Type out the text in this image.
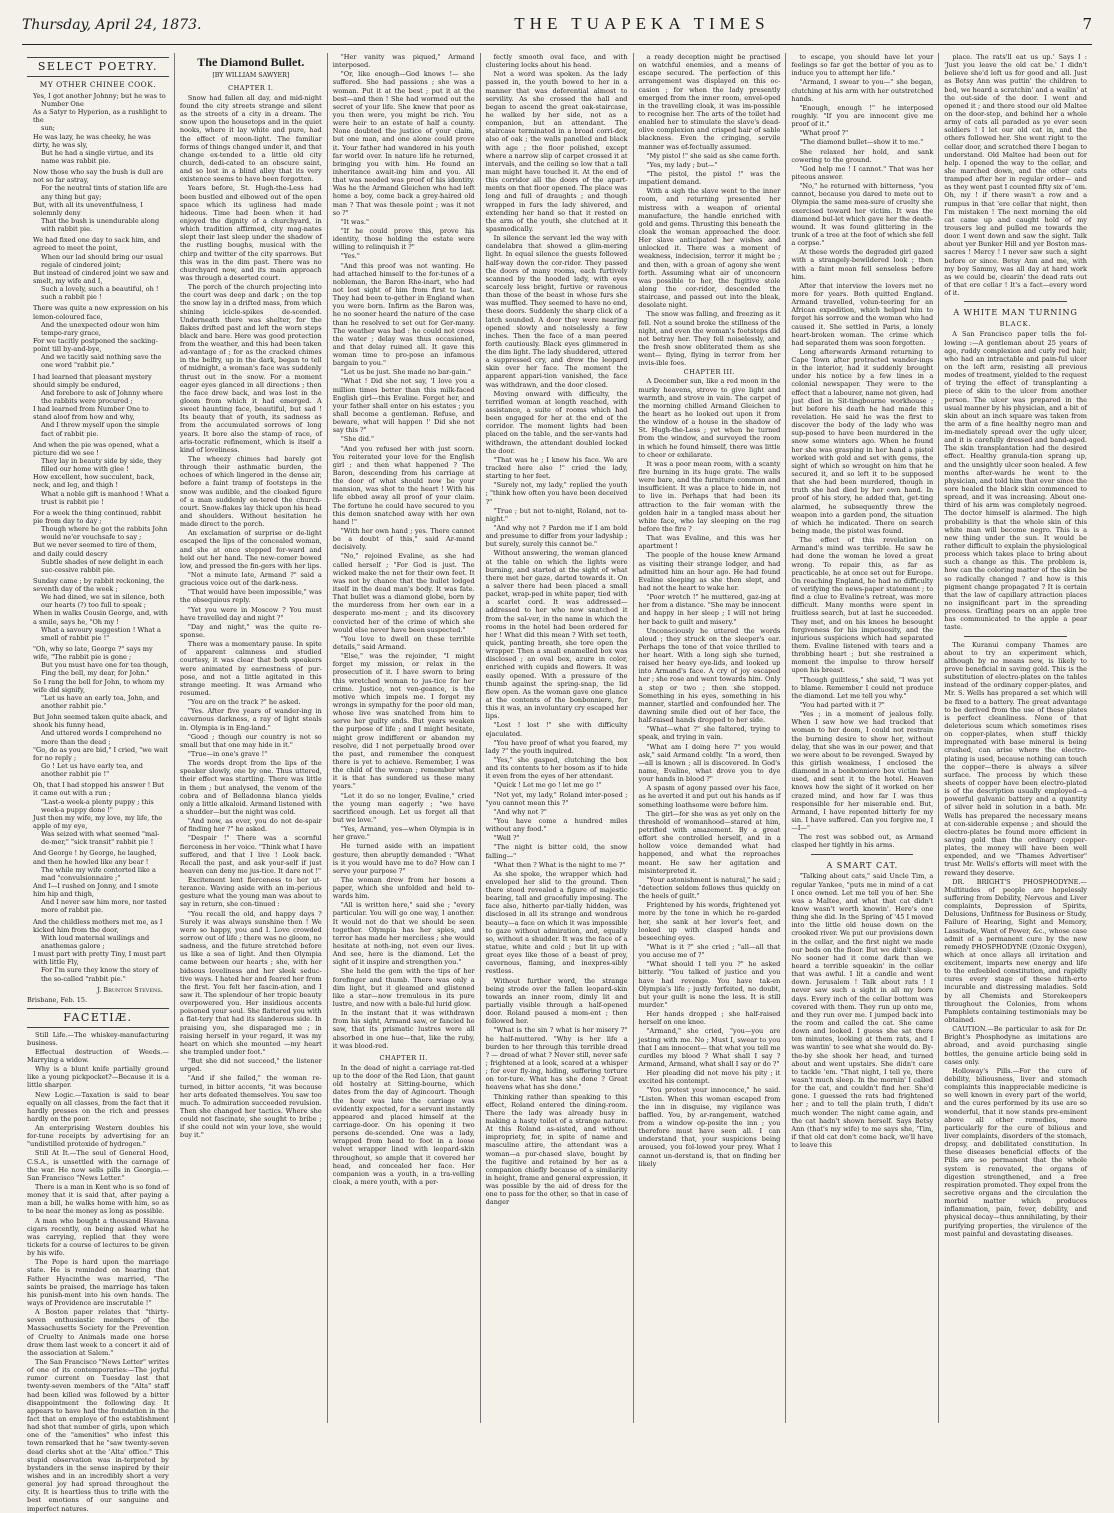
Thursday, April 24, 1873.	THE TUAPEKA TIMES	7
SELECT POETRY.
MY OTHER CHINEE COOK.

Yes, I got another Johnny; but he was to

Number One

As a Satyr to Hyperion, as a rushlight to the

sun;

He was lazy, he was cheeky, he was dirty, he was sly,

But he had a single virtue, and its name was rabbit pie.

Now those who say the bush is dull are not so far astray,

For the neutral tints of station life are any thing but gay;

But, with all its uneventfulness, I solemnly deny

That the bush is unendurable along with rabbit pie.

We had fixed one day to sack him, and agreed to meet the point,

When our lad should bring our usual regale of cindered joint;

But instead of cindered joint we saw and smelt, my wife and I,

Such a lovely, such a beautiful, oh ! such a rabbit pie !

There was quite a new expression on his lemon-coloured face,

And the unexpected odour won him tempo-rary grace,

For we tacitly postponed the sacking-point till by-and-bye,

And we tacitly said nothing save the one word "rabbit pie."

I had learned that pleasant mystery should simply be endured,

And forebore to ask of Johnny where the rabbits were procured ;

I had learned from Number One to stand aloof from how and why,

And I threw myself upon the simple fact of rabbit pie.

And when the pie was opened, what a picture did we see !

They lay in beauty side by side, they filled our home with glee !

How excellent, how succulent, back, neck, and leg, and thigh !

What a noble gift is manhood ! What a trust is rabbit pie !

For a week the thing continued, rabbit pie from day to day ;

Though where he got the rabbits John would ne'er vouchsafe to say ;

But we never seemed to tire of them, and daily could descry

Subtle shades of new delight in each suc-cessive rabbit pie.

Sunday came ; by rabbit reckoning, the seventh day of the week ;

We had dined, we sat in silence, both our hearts (?) too full to speak ;

When in walks Cousin George, and, with a smile, says he, "Oh my !

What a savoury suggestion ! What a smell of rabbit pie !"

"Oh, why so late, George ?" says my wife, "The rabbit pie is gone ;

But you must have one for tea though, Fing the bell, my dear, for John."

So I rang the bell for John, to whom my wife did signify,

"Let us have an early tea, John, and another rabbit pie."

But John seemed taken quite aback, and shook his funny head,

And uttered words I comprehend no more than the dead ;

"Go, do as you are bid," I cried, "we wait for no reply ;

Go ! Let us have early tea, and another rabbit pie !"

Oh, that I had stopped his answer ! But it came out with a run ;

"Last-a week-a plenty puppy ; this week-a puppy done !"

Just then my wife, my love, my life, the apple of my eye,

Was seized with what seemed "mal-de-mer," "sick transit" rabbit pie !

And George ! by George, he laughed, and then he howled like any bear !

The while my wife contorted like a mad "convulsionnaire ;"

And I—I rushed on Jonny, and I smote him hip and thigh,

And I never saw him more, nor tasted more of rabbit pie.

And the childless mothers met me, as I kicked him from the door,

With loud maternal wailings and anathemas galore ;

I must part with pretty Tiny, I must part with little Fly,

For I'm sure they know the story of the so-called "rabbit pie."

J. Brunton Stevens.
Brisbane, Feb. 15.
FACETIÆ.

Still Life.—The whiskey-manufacturing business.

Effectual destruction of Weeds.—Marrying a widow.

Why is a blunt knife partially ground like a young pickpocket?—Because it is a little sharper.

New Logic.—Taxation is said to bear equally on all classes, from the fact that it hardly presses on the rich and presses hardly on the poor.

An enterprising Western doubles his for-tune receipts by advertising for an "undistilled protoxide of hydrogen."

Still At It.—The soul of General Hood, C.S.A., is unsettled with the carnage of the war. He now sells pills in Georgia.—San Francisco "News Letter."

There is a man in Kent who is so fond of money that it is said that, after paying a man a bill, he walks home with him, so as to be near the money as long as possible.

A man who bought a thousand Havana cigars recently, on being asked what he was carrying, replied that they were tickets for a course of lectures to be given by his wife.

The Pope is hard upon the marriage state. He is reminded on hearing that Father Hyacinthe was married, "The saints be praised, the marriage has taken his punish-ment into his own hands. The ways of Providence are inscrutable !"

A Boston paper relates that "thirty-seven enthusiastic members of the Massachusetts Society for the Prevention of Cruelty to Animals made one horse draw them last week to a concert it aid of the association at Salem."

The San Francisco "News Letter" writes of one of its contemporaries:—The joyful rumor current on Tuesday last that twenty-seven members of the "Alta" staff had been killed was followed by a bitter disappointment the following day. It appears to have had the foundation in the fact that an employe of the establishment had shot that number of girls, upon which one of the "amenities" who infest this town remarked that he "saw twenty-seven dead clerks shot at the 'Alta' office." This stupid observation was in-terpreted by bystanders in the sense inspired by their wishes and in an incredibly short a very general joy had spread throughout the city. It is heartless thus to trifle with the best emotions of our sanguine and imperfect natures.

The Diamond Bullet.
[BY WILLIAM SAWYER]
CHAPTER I.

Snow had fallen all day, and mid-night found the city streets strange and silent as the streets of a city in a dream. The snow upon the housetops and in the quiet nooks, where it lay white and pure, had the effect of moon-light. The familiar forms of things changed under it, and that change ex-tended to a little old city church, dedi-cated to an obscure saint, and so lost in a blind alley that its very existence seems to have been forgotten.

Years before, St. Hugh-the-Less had been bustled and elbowed out of the open space which its ugliness had made hideous. Time had been when it had enjoyed the dignity of a churchyard, in which tradition affirmed, city mag-nates slept their last sleep under the shadow of the rustling boughs, musical with the chirp and twitter of the city sparrows. But this was in the dim past. There was no churchyard now, and its main approach was through a deserted court.

The porch of the church projecting into the court was deep and dark ; on the top the snow lay in a drifted mass, from which shining icicle-spikes de-scended. Underneath there was shelter, for the flakes drifted past and left the worn steps black and bare. Here was good protection from the weather, and this had been taken ad-vantage of ; for as the cracked chimes in the belfry, up in the dark, began to tell of midnight, a woman's face was suddenly thrust out in the snow. For a moment eager eyes glanced in all directions ; then the face drew back, and was lost in the gloom from which it had emerged. A sweet haunting face, beautiful, but sad ! Its beauty that of youth, its sadness as from the accumulated sorrows of long years. It bore also the stamp of race, of aris-tocratic refinement, which is itself a kind of loveliness.

The wheezy chimes had barely got through their asthmatic burden, the echoes of which lingered in the dense air, before a faint tramp of footsteps in the snow was audible, and the cloaked figure of a man suddenly en-tered the church-court. Snow-flakes lay thick upon his head and shoulders. Without hesitation he made direct to the porch.

An exclamation of surprise or de-light escaped the lips of the concealed woman, and she at once stepped for-ward and held out her hand. The new-comer bowed low, and pressed the fin-gers with her lips.

"Not a minute late, Armand ?" said a gracious voice out of the dark-ness.

"That would have been impossible," was the obsequious reply.

"Yet you were in Moscow ? You must have travelled day and night ?"

"Day and night," was the quite re-sponse.

There was a momentary pause. In spite of apparent calmness and studied courtesy, it was clear that both speakers were animated by earnestness of pur-pose, and not a little agitated in this strange meeting. It was Armand who resumed.

"You are on the track ?" he asked.

"Yes. After five years of wander-ing in cavernous darkness, a ray of light steals in. Olympia is in Eng-land."

"Good ; though our country is not so small but that one may hide in it."

"True—in one's grave !"

The words dropt from the lips of the speaker slowly, one by one. Thus uttered, their effect was startling. There was little in them ; but analysed, the venom of the cobra and of Belladonna blanca yields only a little alkaloid. Armand listened with a shudder—but the night was cold.

"And now, as ever, you do not de-spair of finding her ?" he asked.

"Despair !" There was a scornful fierceness in her voice. "Think what I have suffered, and that I live ! Look back. Recall the past, and ask your-self if just heaven can deny me jus-tice. It dare not !"

Excitement lent fierceness to her ut-terance. Waving aside with an im-perious gesture what the young man was about to say in return, she con-tinued :

"You recall the old, and happy days ? Surely it was always sunshine then ! We were so happy, you and I. Love crowded sorrow out of life ; there was no gloom, no sadness, and the future stretched before us like a sea of light. And then Olympia came between our hearts ; she, with her bidsous loveliness and her sleek seduc-tive ways. I hated her and feared her from the first. You felt her fascin-ation, and I saw it. The splendour of her tropic beauty overpowered you. Her insidious accents poisoned your soul. She flattered you with a flat-tery that had its slanderous side. In praising you, she disparaged me ; in raising herself in your regard, it was my heart on which she mounted —my heart she trampled under foot."

"But she did not succeed," the listener urged.

"And if she failed," the woman re-turned, in bitter accents, "it was because her arts defeated themselves. You saw too much. To admiration succeeded revulsion. Then she changed her tactics. Where she could not fascinate, she sought to bribe ; if she could not win your love, she would buy it."

"Her vanity was piqued," Armand interposed.

"Or, like enough—God knows !— she suffered. She had passions ; she was a woman. Put it at the best ; put it at the best—and then ! She had wormed out the secret of your life. She knew that poor as you then were, you might be rich. You were heir to an estate of half a county. None doubted the justice of your claim, but one man, and one alone could prove it. Your father had wandered in his youth far world over. In nature life he returned, bringing you with him. He found an inheritance await-ing him and you. All that was needed was proof of his identity. Was he the Armand Gleichen who had left home a boy, come back a grey-haired old man ? That was thesole point ; was it not so ?"

"It was."

"If he could prove this, prove his identity, those holding the estate were willing to relinquish it ?"

"Yes."

"And this proof was not wanting. He had attached himself to the for-tunes of a nobleman, the Baron Rhe-inart, who had not lost sight of him from first to last. They had been to-gether in England when you were born. Infirm as the Baron was, he no sooner heard the nature of the case than he resolved to set out for Ger-many. The weather was bad : he could not cross the water ; delay was thus occasioned, and that delay ruined all. It gave this woman time to pro-pose an infamous bargain to you."

"Let us be just. She made no bar-gain."

"What ! Did she not say, 'I love you a million times better than this milk-faced English girl—this Evaline. Forget her, and your father shall enter on his estates ; you shall become a gentleman. Refuse, and beware, what will happen !' Did she not say this ?"

"She did."

"And you refused her with just scorn. You reiterated your love for the English girl ; and then what happened ? The Baron, descending from his carriage at the door of what should now be your mansion, was shot to the heart ! With his life ebbed away all proof of your claim. The fortune he could have secured to you this demon snatched away with her own hand !"

"With her own hand ; yes. There cannot be a doubt of this," said Ar-mand decisively.

"No," rejoined Evaline, as she had called herself ; "For God is just. The wicked make the net for their own feet. It was not by chance that the bullet lodged itself in the dead man's body. It was fate. That bullet was a diamond globe, born by the murderess from her own ear in a desperate mo-ment ; and its discovery convicted her of the crime of which she would else never have been suspected."

"You love to dwell on these terrible details," said Armand.

"Else," was the rejoinder, "I might forget my mission, or relax in the prosecution of it. I have sworn to bring this wretched woman to jus-tice for her crime. Justice, not ven-geance, is the motive which impels me. I forget my wrongs in sympathy for the poor old man, whose live was snatched from him to serve her guilty ends. But years weaken the purpose of life ; and I might hesitate, might grow indifferent or abandon my resolve, did I not perpetually brood over the past, and remember the conquest there is yet to achieve. Remember, I was the child of the woman ; remember what it is that has sundered us these many years."

"Let it do so no longer, Evaline," cried the young man eagerly ; "we have sacrificed enough. Let us forget all that but we love."

"Yes, Armand, yes—when Olympia is in her grave."

He turned aside with an impatient gesture, then abruptly demanded : "What is it you would have me to do? How can I serve your purpose ?"

The woman drew from her bosom a paper, which she unfolded and held to-wards him.

"All is written here," said she ; "every particular. You will go one way, I another. It would not do that we should be seen together. Olympia has her spies, and terror has made her merciless ; she would hesitate at noth-ing, not even our lives. And see, here is the diamond. Let the sight of it inspire and strengthen you."

She held the gem with the tips of her forefinger and thumb. There was only a dim light, but it gleamed and glistened like a star—now tremulous in its pure lustre, and now with a bale-ful lurid glow.

In the instant that it was withdrawn from his sight, Armand saw, or fancied he saw, that its prismatic lustres were all absorbed in one hue—that, like the ruby, it was blood-red.

CHAPTER II.

In the dead of night a carriage rat-tled up to the door of the Red Lion, that gaunt old hostelry at Sitting-bourne, which dates from the day of Agincourt. Though the hour was late the carriage was evidently expected, for a servant instantly appeared and placed himself at the carriage-door. On his opening it two persons de-scended. One was a lady, wrapped from head to foot in a loose velvet wrapper lined with leopard-skin throughout, so ample that it covered her head, and concealed her face. Her companion was a youth, in a tra-velling cloak, a mere youth, with a per-

fectly smooth oval face, and with clustering locks about his head.

Not a word was spoken. As the lady passed in, the youth bowed to her in a manner that was deferential almost to servility. As she crossed the hall and began to ascend the great oak-staircase, he walked by her side, not as a companion, but an attendant. The staircase terminated in a broad corri-dor, also of oak ; the walls panelled and black with age ; the floor polished, except where a narrow slip of carpet crossed it at intervals, and the ceiling so low that a tall man might have touched it. At the end of this corridor all the doors of the apart-ments on that floor opened. The place was long and full of draughts ; and though wrapped in furs the lady shivered, and extending her hand so that it rested on the arm of the youth, she clutched at it spasmodically.

In silence the servant led the way with candelabra that showed a glim-mering light. In equal silence the guests followed half-way down the cor-ridor. They passed the doors of many rooms, each furtively scanned by the hooded lady, with eyes scarcely less bright, furtive or ravenous than those of the beast in whose furs she was muffled. They seemed to have no end, these doors. Suddenly the sharp click of a latch sounded. A door they were nearing opened slowly and noiselessly a few inches. Then the face of a man peered forth cautiously. Black eyes glimmered in the dim light. The lady shuddered, uttered a suppressed cry, and drew the leopard skin over her face. The moment the apparent appari-tion vanished, the face was withdrawn, and the door closed.

Moving onward with difficulty, the terrified woman at length reached, with assistance, a suite of rooms which had been engaged for her at the end of the corridor. The moment lights had been placed on the table, and the ser-vants had withdrawn, the attendant doubled locked the door.

"That was he ; I knew his face. We are tracked here also !" cried the lady, starting to her feet.

"Surely not, my lady," replied the youth ; "think how often you have been deceived ?"

"True ; but not to-night, Roland, not to-night."

"And why not ? Pardon me if I am bold and presume to differ from your ladyship ; but surely, surely this cannot be."

Without answering, the woman glanced at the table on which the lights were burning, and started at the sight of what there met her gaze, darted towards it. On a salver there had been placed a small packet, wrap-ped in white paper, tied with a scarlet cord. It was addressed—addressed to her who now snatched it from the sal-ver, in the name in which the rooms in the hotel had been ordered for her ! What did this mean ? With set teeth, quick, panting breath, she tore open the wrapper. Then a small enamelled box was disclosed ; an oval box, azure in color, enriched with cupids and flowers. It was easily opened. With a pressure of the thumb against the spring-snap, the lid flew open. As the woman gave one glance at the contents of the bonbonniere, for this it was, an involuntary cry escaped her lips.

"Lost ! lost !" she with difficulty ejaculated.

"You have proof of what you feared, my lady ?" the youth inquired.

"Yes," she gasped, clutching the box and its contents to her bosom as if to hide it even from the eyes of her attendant.

"Quick ! Let me go ! let me go !"

"Not yet, my lady," Roland inter-posed ; "you cannot mean this ?"

"And why not ?"

"You have come a hundred miles without any food."

"Well ?"

"The night is bitter cold, the snow falling—"

"What then ? What is the night to me ?"

As she spoke, the wrapper which had enveloped her slid to the ground. Then there stood revealed a figure of majestic bearing, tall and gracefully imposing. The face also, hitherto par-tially hidden, was disclosed in all its strange and wondrous beauty—a face on which it was impossible to gaze without admiration, and, equally so, without a shudder. It was the face of a statue, white and cold ; but lit up with great eyes like those of a beast of prey, cavernous, flaming, and inexpres-sibly restless.

Without further word, the strange being strode over the fallen leopard-skin towards an inner room, dimly lit and partially visible through a half-opened door. Roland paused a mom-ent ; then followed her.

"What is the sin ? what is her misery ?" he half-muttered. "Why is her life a burden to her through this terrible dread ? — dread of what ? Never still, never safe ; frightened at a look, scared at a whisper ; for ever fly-ing, hiding, suffering torture on tor-ture. What has she done ? Great heavens what has she done."

Thinking rather than speaking to this effect, Roland entered the dining-room. There the lady was already busy in making a hasty toilet of a strange nature. At this Roland as-sisted, and without impropriety, for, in spite of name and masculine attire, the attendant was a woman—a pur-chased slave, bought by the fugitive and retained by her as a companion chiefly because of a similarity in height, frame and general expression, it was possible by the aid of dress for the one to pass for the other, so that in case of danger

a ready deception might be practised on watchful enemies, and a means of escape secured. The perfection of this arrangement was displayed on this oc-casion ; for when the lady presently emerged from the inner room, envel-oped in the travelling cloak, it was im-possible to recognise her. The arts of the toilet had enabled her to stimulate the slave's dead-olive complexion and crisped hair of sable blackness. Even the cringing, servile manner was ef-fectually assumed.

"My pistol !" she said as she came forth.

"Yes, my lady ; but—"

"The pistol, the pistol !" was the impatient demand.

With a sigh the slave went to the inner room, and returning presented her mistress with a weapon of oriental manufacture, the handle enriched with gold and gems. Thrusting this beneath the cloak the woman approached the door. Her slave anticipated her wishes and unlocked it. There was a moment of weakness, indecision, terror it might be ; and then, with a groan of agony she went forth. Assuming what air of unconcern was possible to her, the fugitive stole along the cor-ridor, descended the staircase, and passed out into the bleak, desolate night.

The snow was falling, and freezing as it fell. Not a sound broke the stillness of the night, and even the woman's footsteps did not betray her. They fell noiselessly, and the fresh snow obliterated them as she went— flying, flying in terror from her invis-ible foes.

CHAPTER III.

A December sun, like a red moon in the murky heavens, strove to give light and warmth, and strove in vain. The carpet of the morning chilled Armand Gleichen to the heart as he looked out upon it from the window of a house in the shadow of St. Hugh-the-Less ; yet when he turned from the window, and surveyed the room in which he found himself, there was little to cheer or exhilarate.

It was a poor mean room, with a scanty fire burning in its huge grate. The walls were bare, and the furniture common and insufficient. It was a place to hide in, not to live in. Perhaps that had been its attraction to the fair woman with the golden hair in a tangled mass about her white face, who lay sleeping on the rug before the fire ?

That was Evaline, and this was her apartment !

The people of the house knew Armand as visiting their strange lodger, and had admitted him an hour ago. He had found Evaline sleeping as she then slept, and had not the heart to wake her.

"Poor wretch !" he muttered, gaz-ing at her from a distance. "She may be innocent and happy in her sleep ; I will not bring her back to guilt and misery."

Unconsciously he uttered the words aloud ; they struck on the sleeper's ear. Perhaps the tone of that voice thrilled to her heart. With a long sigh she turned, raised her heavy eye-lids, and looked up into Armand's face. A cry of joy escaped her ; she rose and went towards him. Only a step or two ; then she stopped. Something in his eyes, something in his manner, startled and confounded her. The dawning smile died out of her face, the half-raised hands dropped to her side.

"What—what ?" she faltered, trying to speak, and trying in vain.

"What am I doing here ?" you would ask," said Armand coldly. "In a word, then—all is known ; all is discovered. In God's name, Evaline, what drove you to dye your hands in blood ?"

A spasm of agony passed over his face, as he averted it and put out his hands as if something loathsome were before him.

The girl—for she was as yet only on the threshold of womanhood—stared at him, petrified with amazement. By a great effort she controlled herself, and in a hollow voice demanded what had happened, and what the reproaches meant. He saw her agitation and misinterpreted it.

"Your astonishment is natural," he said ; "detection seldom follows thus quickly on the heels of guilt."

Frightened by his words, frightened yet more by the tone in which he re-garded her, she sank at her lover's feet, and looked up with clasped hands and beseeching eyes.

"What is it ?" she cried ; "all—all that you accuse me of ?"

"What should I tell you ?" he asked bitterly. "You talked of justice and you have had revenge. You have tak-en Olympia's life ; justly forfeited, no doubt, but your guilt is none the less. It is still murder."

Her hands dropped ; she half-raised herself on one knee.

"Armand," she cried, "you—you are jesting with me. No ; Must I, swear to you that I am innocent— that what you tell me curdles my blood ? What shall I say ? Armand, Armand, what shall I say or do ?"

Her pleading did not move his pity ; it excited his contempt.

"You protest your innocence," he said. "Listen. When this woman escaped from the inn in disguise, my vigilance was baffled. You, by ar-rangement, watched from a window op-posite the inn ; you therefore must have seen all. I can understand that, your suspicions being aroused, you fol-lowed your prey. What I cannot un-derstand is, that on finding her likely

to escape, you should have let your feelings so far get the better of you as to induce you to attempt her life."

"Armand, I swear to you—" she began, clutching at his arm with her outstretched hands.

"Enough, enough !" he interposed roughly. "If you are innocent give me proof of it."

"What proof ?"

"The diamond bullet—show it to me."

She relaxed her hold, and sank cowering to the ground.

"God help me ! I cannot." That was her piteous answer.

"No," he returned with bitterness, "you cannot, because you dared to mete out to Olympia the same mea-sure of cruelty she exercised toward her victim. It was the diamond bul-let which gave her the death-wound. It was found glittering in the trunk of a tree at the foot of which she fell a corpse."

At these words the degraded girl gazed with a strangely-bewildered look ; then with a faint moan fell senseless before him.

After that interview the lovers met no more for years. Both quitted England. Armand travelled, volun-teering for an African expedition, which helped him to forget his sorrow and the woman who had caused it. She settled in Paris, a lonely heart-broken woman. The crime which had separated them was soon forgotten.

Long afterwards Armand returning to Cape Town after protracted wander-ings in the interior, had it suddenly brought under his notice by a few lines in a colonial newspaper. They were to the effect that a labourer, name not given, had just died in Sit-tingbourne workhouse ; but before his death he had made this revelation. He said he was the first to discover the body of the lady who was sup-posed to have been murdered in the snow some winters ago. When he found her she was grasping in her hand a pistol worked with gold and set with gems, the sight of which so wrought on him that he secured it, and so left it to be supposed that she had been murdered, though in truth she had died by her own hand. In proof of his story, he added that, get-ting alarmed, he subsequently threw the weapon into a garden pond, the situation of which he indicated. There on search being made, the pistol was found.

The effect of this revelation on Armand's mind was terrible. He saw he had done the woman he loved a great wrong. To repair this, as far as practicable, he at once set out for Europe. On reaching England, he had no difficulty of verifying the news-paper statement ; to find a clue to Evaline's retreat, was more difficult. Many months were spent in fruitless search, but at last he succeeded. They met, and on his knees he besought forgiveness for his impetuosity, and the injurious suspicions which had separated them. Evaline listened with tears and a throbbing heart ; but she restrained a moment the impulse to throw herself upon his breast.

"Though guiltless," she said, "I was yet to blame. Remember I could not produce the diamond. Let me tell you why."

"You had parted with it ?"

"Yes ; in a moment of jealous folly. When I saw how we had tracked that woman to her doom, I could not restrain the burning desire to show her, without delay, that she was in our power, and that we were about to be revenged. Swayed by this girlish weakness, I enclosed the diamond in a bonbonniere box victim had used, and sent it to the hotel. Heaven knows how the sight of it worked on her crazed mind, and how far I was thus responsible for her miserable end. But, Armand, I have repented bitterly for my sin. I have suffered. Can you forgive me, I—I—"

The rest was sobbed out, as Armand clasped her tightly in his arms.

A SMART CAT.

"Talking about cats," said Uncle Tim, a regular Yankee, "puts me in mind of a cat I once owned. Let me tell you of her. She was a Maltee, and what that cat didn't know wasn't worth knowin'. Here's one thing she did. In the Spring of '45 I moved into the little old house down on the crooked river. We put our provisions down in the cellar, and the first night we made our beds on the floor. But we didn't sleep. No sooner had it come dark than we heard a terrible squeakin' in the cellar that was awful. I lit a candle and went down. Jerusalem ! Talk about rats ! I never saw such a sight in all my born days. Every inch of the cellar bottom was covered with them. They run up onto me, and they run over me. I jumped back into the room and called the cat. She came down and looked. I guess she sat there ten minutes, looking at them rats, and I was wantin' to see what she would do. By-the-by she shook her head, and turned about and went upstairs. She didn't care to tackle 'em. "That night, I tell ye, there wasn't much sleep. In the mornin' I called for the cat, and couldn't find her. She'd gone. I guessed the rats had frightened her ; and to tell the plain truth, I didn't much wonder. The night came again, and the cat hadn't shown herself. Says Betsy Ann (that's my wife) to me says she, 'Tim, if that old cat don't come back, we'll have to leave this

place. The rats'll eat us up.' Says I : 'Just you leave the old cat be.' I didn't believe she'd left us for good and all. Just as Betsy Ann was puttin' the children to bed, we heard a scratchin' and a wailin' at the out-side of the door. I went and opened it ; and there stood our old Maltee on the door-step, and behind her a whole army of cats all paraded as ye ever seen soldiers ! I let our old cat in, and the others followed her. She went right to the cellar door, and scratched there I began to understand. Old Maltee had been out for help. I opened the way to the cellar, and she marched down, and the other cats tramped after her in regular order— and as they went past I counted fifty six of 'em. Oh, my ! if there wasn't a row and a rumpus in that 'ere cellar that night, then I'm mistaken ! The next morning the old cat came up and caught hold of my trousers leg and pulled me towards the door. I went down and saw the sight. Talk about yer Bunker Hill and yer Boston mas-sacres ! Mercy ! I never saw such a sight before or since. Betsy Ann and me, with my boy Sammy, was all day at hard work as we could be, clearin' the dead rats out of that ere cellar ! It's a fact—every word of it.

A WHITE MAN TURNING
BLACK.

A San Francisco paper tells the fol-lowing :—A gentleman about 25 years of age, ruddy complexion and curly red hair, who had an intractable and pain-ful ulcer on the left arm, resisting all previous modes of treatment, yielded to the request of trying the effect of transplanting a piece of skin to the ulcer from another person. The ulcer was prepared in the usual manner by his physician, and a bit of skin about an inch square was taken from the arm of a fine healthy negro man and im-mediately spread over the ugly ulcer, and it is carefully dressed and band-aged. The skin transplantation had the desired effect. Healthy granula-tion sprang up, and the unsightly ulcer soon healed. A few months after-wards he went to the physician, and told him that ever since the sore healed the black skin commenced to spread, and it was increasing. About one-third of his arm was completely negroed. The doctor himself is alarmed. The high probability is that the whole skin of this white man will become negro. This is a new thing under the sun. It would be rather difficult to explain the physiological process which takes place to bring about such a change as this. The problem is, how can the coloring matter of the skin be so radically changed ? and how is this pigment change propagated ? It is certain that the law of capillary attraction places no insignificant part in the spreading process. Grafting pears on an apple tree has communicated to the apple a pear taste.

The Kuranui company Thames are about to try an experiment which, although by no means new, is likely to prove beneficial in saving gold. This is the substitution of electro-plates on the tables instead of the ordinary copper-plates, and Mr. S. Wells has prepared a set which will be fixed to a battery. The great advantage to be derived from the use of these plates is perfect cleanliness. None of that deleterious scum which sometimes rises on copper-plates, when stuff thickly impregnated with base mineral is being crushed, can arise where the electro-plating is used, because nothing can touch the copper—there is always a silver surface. The process by which these sheets of copper have been electro-plated is of the description usually employed—a powerful galvanic battery and a quantity of silver held in solution in a bath. Mr. Wells has prepared the necessary means at con-siderable expense ; and should the electro-plates be found more efficient in saving gold than the ordinary copper-plates, the money will have been well expended, and we "Thames Advertiser" trust Mr. Wells's efforts will meet with the reward they deserve.

DR. BRIGHT'S PHOSPHODYNE.— Multitudes of people are hopelessly suffering from Debility, Nervous and Liver complaints, Depression of Spirits, Delusions, Unfitness for Business or Study, Failure of Hearing, Sight and Memory, Lassitude, Want of Power, &c., whose case admit of a permanent cure by the new remedy PHOSPHODYNE (Ozonic Oxygen), which at once allays all irritation and excitement, imparts new energy and life to the enfeebled constitution, and rapidly cures every stage of these hith-erto incurable and distressing maladies. Sold by all Chemists and Storekeepers throughout the Colonies, from whom Pamphlets containing testimonials may be obtained.

CAUTION.—Be particular to ask for Dr. Bright's Phosphodyne as imitations are abroad, and avoid purchasing single bottles, the genuine article being sold in cases only.

Holloway's Pills.—For the cure of debility, biliousness, liver and stomach complaints this inappreciable medicine is so well known in every part of the world, and the cures performed by its use are so wonderful, that it now stands pre-eminent above all other remedies, more particularly for the cure of bilious and liver complaints, disorders of the stomach, dropsy, and debilitated constitution. In these diseases beneficial effects of the Pills are so permanent that the whole system is renovated, the organs of digestion strengthened, and a free respiration promoted. They expel from the secretive organs and the circulation the morbid matter which produces inflammation, pain, fever, debility, and physical decay—thus annihilating, by their purifying properties, the virulence of the most painful and devastating diseases.
